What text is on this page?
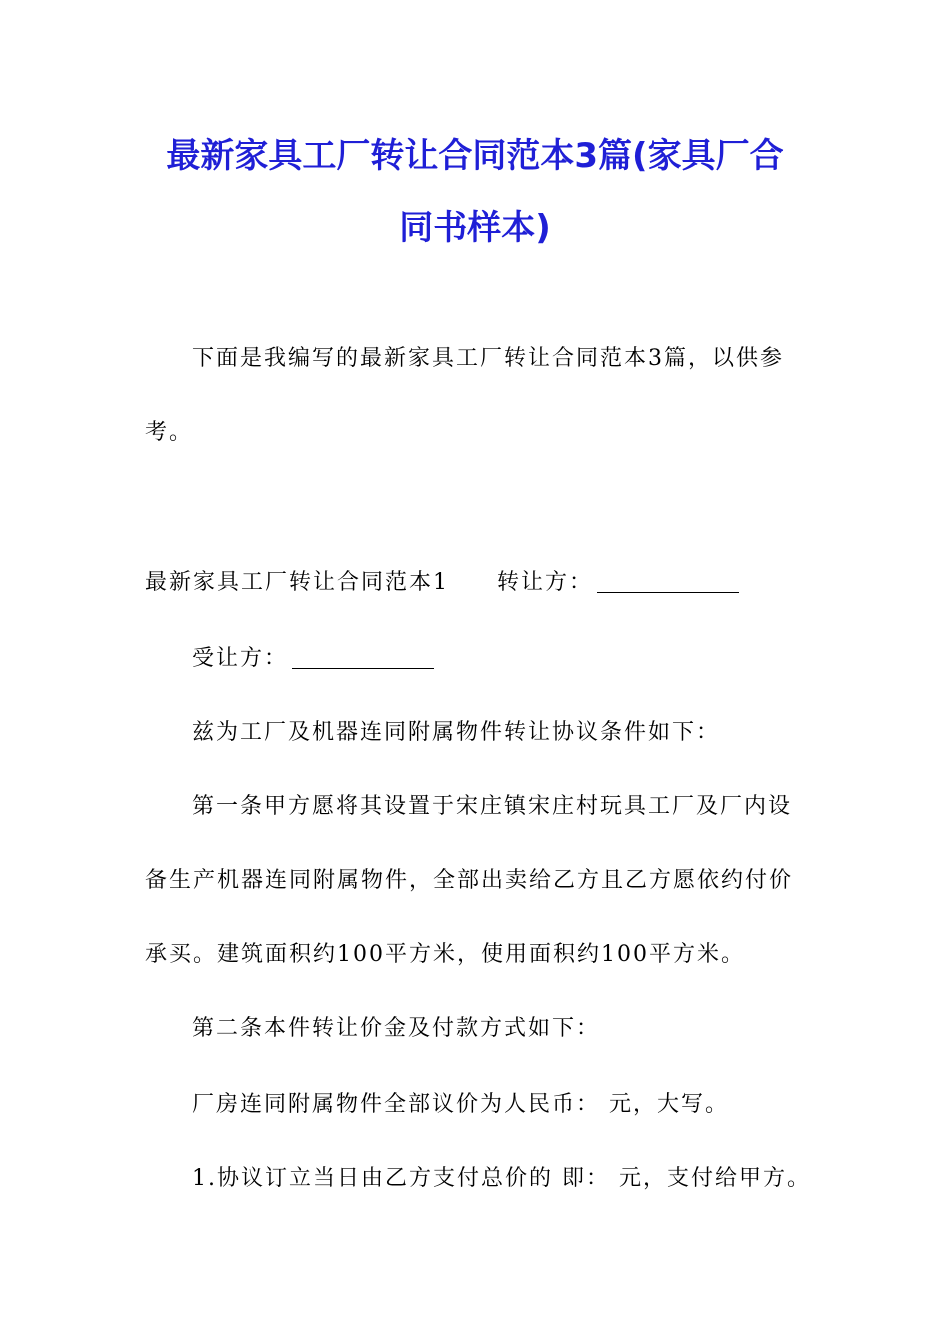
最新家具工厂转让合同范本3篇(家具厂合
同书样本)
下面是我编写的最新家具工厂转让合同范本3篇，以供参
考。
最新家具工厂转让合同范本1 转让方：
受让方：
兹为工厂及机器连同附属物件转让协议条件如下：
第一条甲方愿将其设置于宋庄镇宋庄村玩具工厂及厂内设
备生产机器连同附属物件，全部出卖给乙方且乙方愿依约付价
承买。建筑面积约100平方米，使用面积约100平方米。
第二条本件转让价金及付款方式如下：
厂房连同附属物件全部议价为人民币： 元，大写。
1.协议订立当日由乙方支付总价的 即： 元，支付给甲方。
